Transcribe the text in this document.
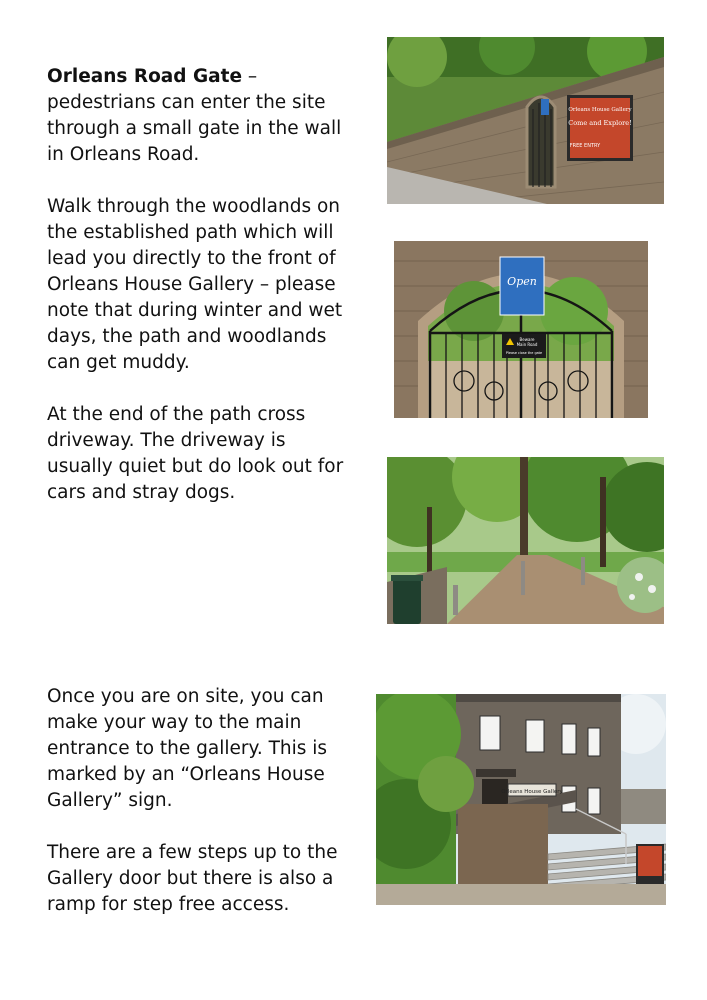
Orleans Road Gate –
pedestrians can enter the site through a small gate in the wall in Orleans Road.

Walk through the woodlands on the established path which will lead you directly to the front of Orleans House Gallery – please note that during winter and wet days, the path and woodlands can get muddy.

At the end of the path cross driveway. The driveway is usually quiet but do look out for cars and stray dogs.

Once you are on site, you can make your way to the main entrance to the gallery. This is marked by an “Orleans House Gallery” sign.

There are a few steps up to the Gallery door but there is also a ramp for step free access.

Orleans House Gallery
Come and Explore!
FREE ENTRY
Open
Beware
Main Road
Please close the gate
Orleans House Gallery
